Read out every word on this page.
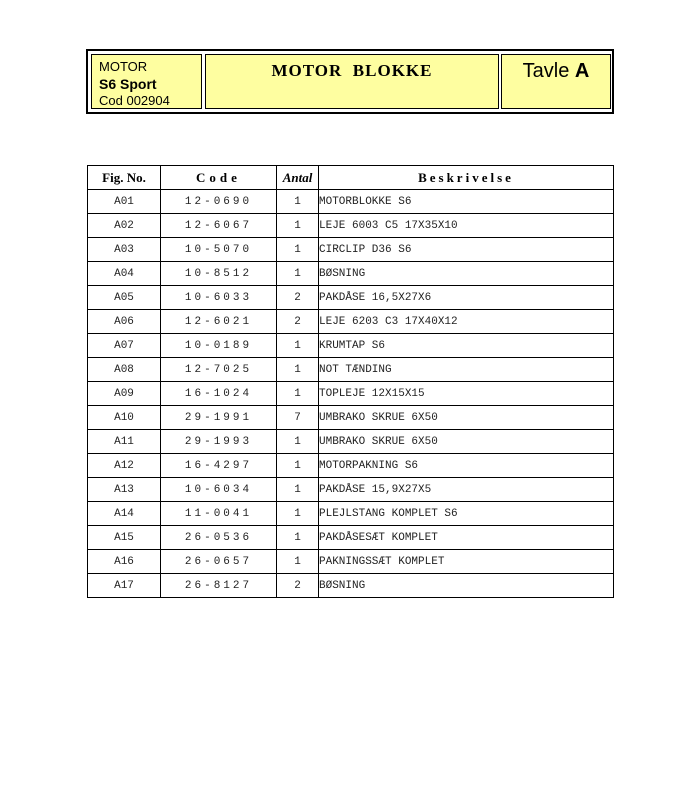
MOTOR
S6 Sport
Cod 002904
MOTOR  BLOKKE	Tavle A
Fig. No.	Code	Antal	Beskrivelse
A01	12-0690	1	MOTORBLOKKE S6
A02	12-6067	1	LEJE 6003 C5 17X35X10
A03	10-5070	1	CIRCLIP D36 S6
A04	10-8512	1	BØSNING
A05	10-6033	2	PAKDÅSE 16,5X27X6
A06	12-6021	2	LEJE 6203 C3 17X40X12
A07	10-0189	1	KRUMTAP S6
A08	12-7025	1	NOT TÆNDING
A09	16-1024	1	TOPLEJE 12X15X15
A10	29-1991	7	UMBRAKO SKRUE 6X50
A11	29-1993	1	UMBRAKO SKRUE 6X50
A12	16-4297	1	MOTORPAKNING S6
A13	10-6034	1	PAKDÅSE 15,9X27X5
A14	11-0041	1	PLEJLSTANG KOMPLET S6
A15	26-0536	1	PAKDÅSESÆT KOMPLET
A16	26-0657	1	PAKNINGSSÆT KOMPLET
A17	26-8127	2	BØSNING
